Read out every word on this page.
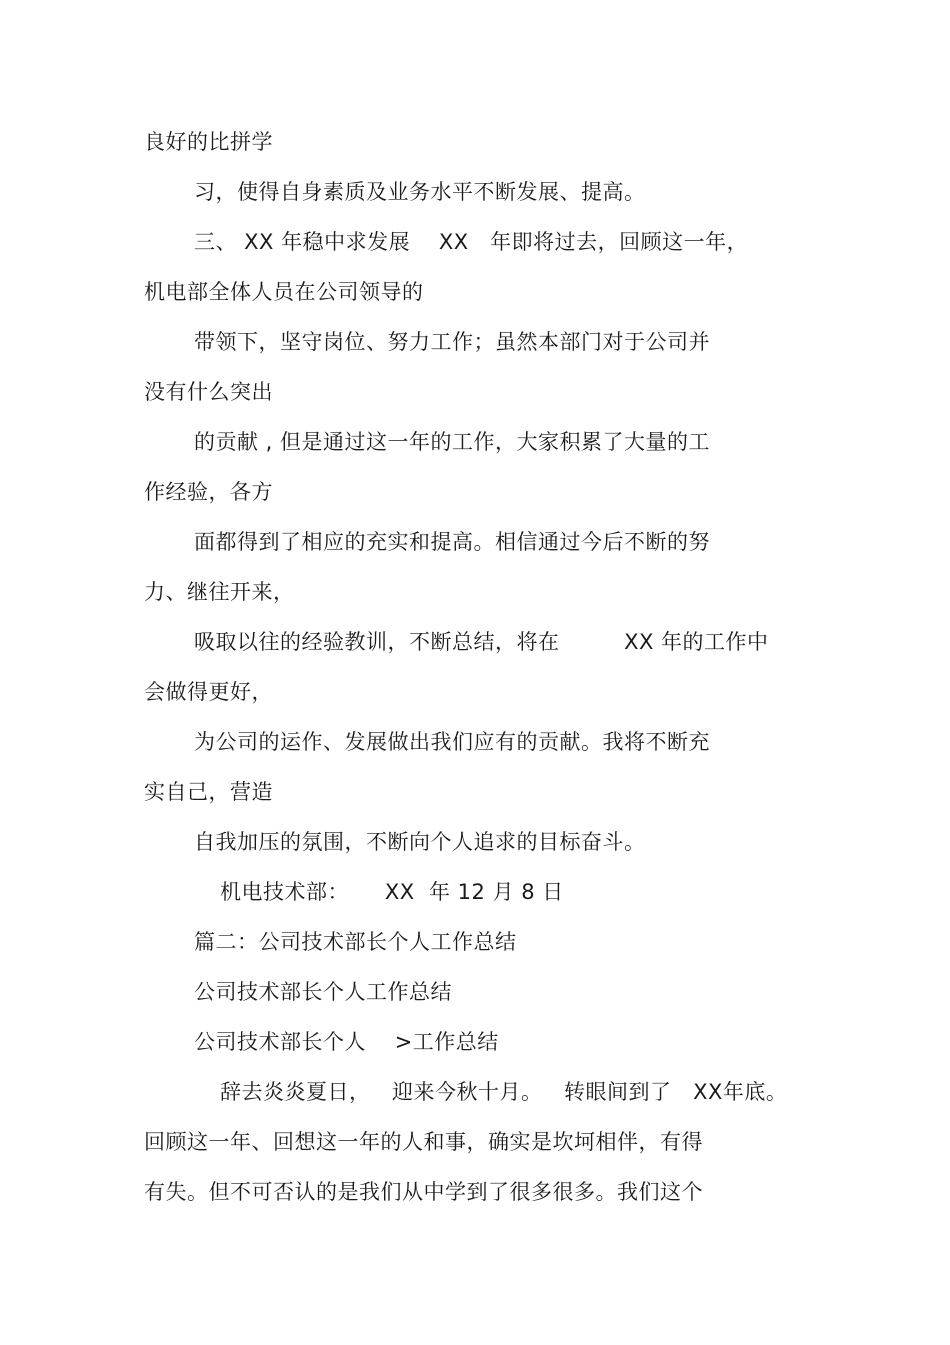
良好的比拼学
习，使得自身素质及业务水平不断发展、提高。
三、 XX 年稳中求发展    XX   年即将过去，回顾这一年，
机电部全体人员在公司领导的
带领下，坚守岗位、努力工作；虽然本部门对于公司并
没有什么突出
的贡献 , 但是通过这一年的工作，大家积累了大量的工
作经验，各方
面都得到了相应的充实和提高。相信通过今后不断的努
力、继往开来，
吸取以往的经验教训，不断总结，将在         XX 年的工作中
会做得更好，
为公司的运作、发展做出我们应有的贡献。我将不断充
实自己，营造
自我加压的氛围，不断向个人追求的目标奋斗。
机电技术部：     XX  年 12 月 8 日
篇二：公司技术部长个人工作总结
公司技术部长个人工作总结
公司技术部长个人    >工作总结
辞去炎炎夏日，   迎来今秋十月。   转眼间到了   XX年底。
回顾这一年、回想这一年的人和事，确实是坎坷相伴，有得
有失。但不可否认的是我们从中学到了很多很多。我们这个
